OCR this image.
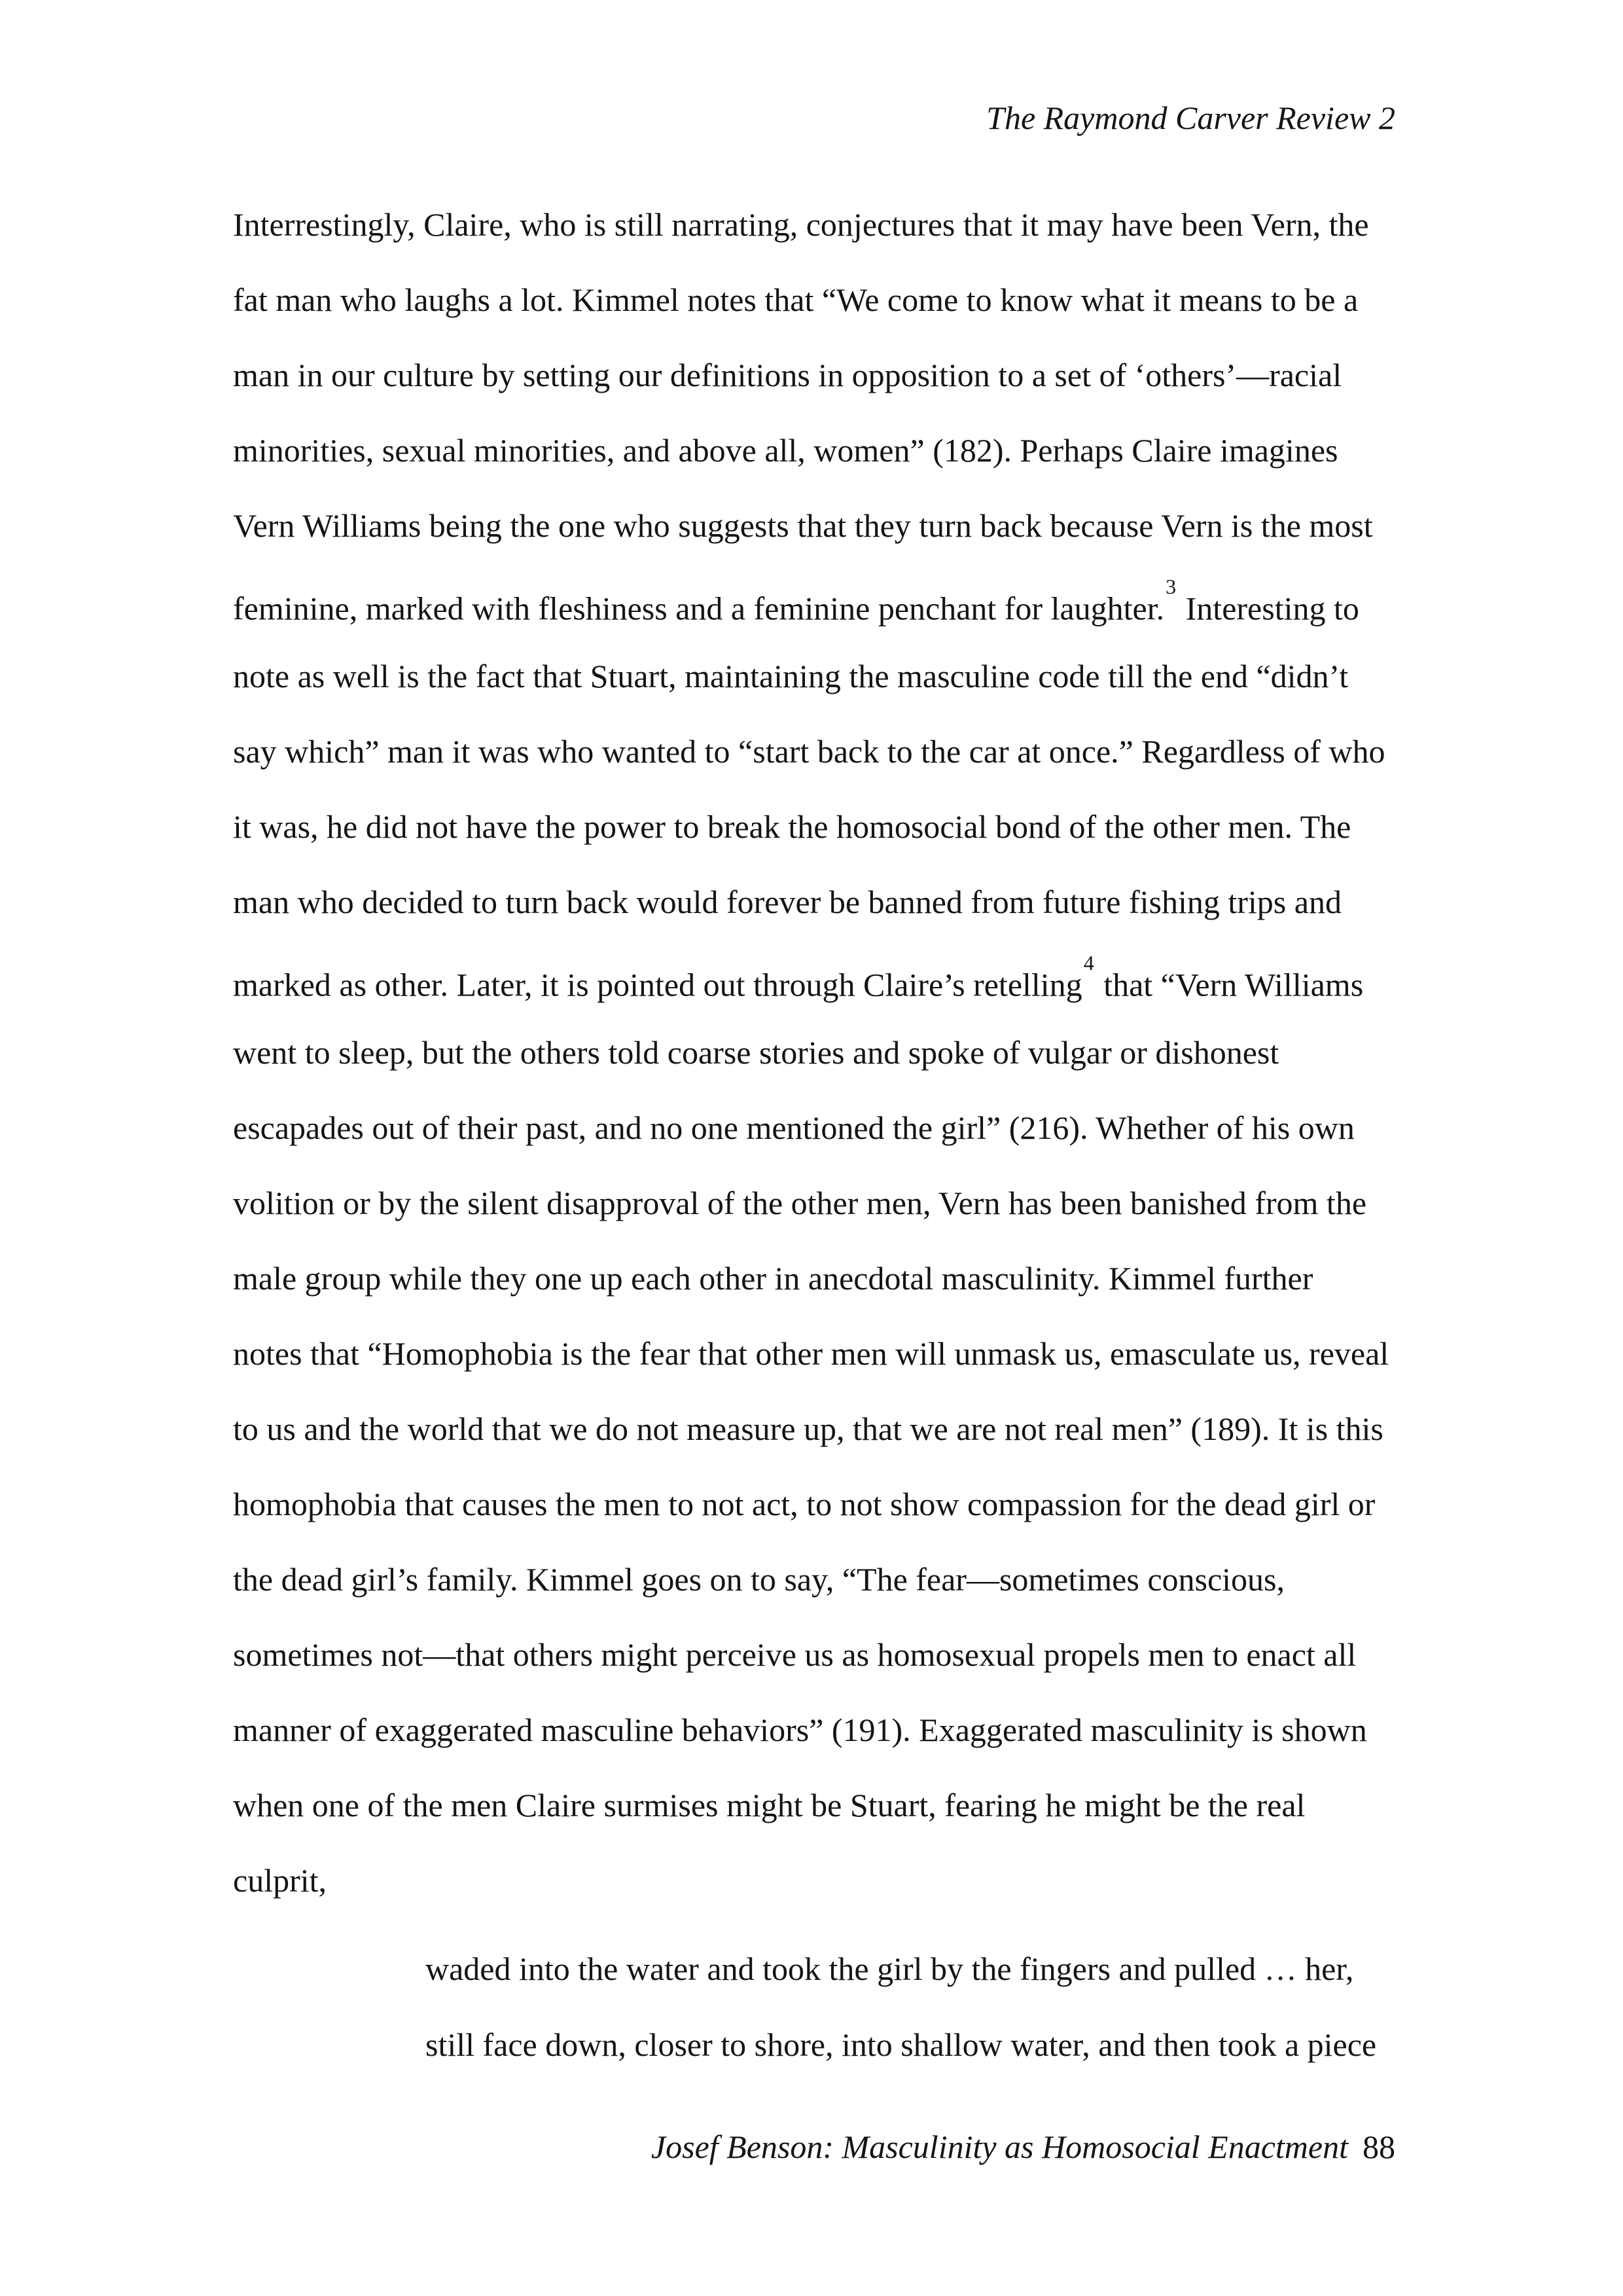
The Raymond Carver Review 2
Interrestingly, Claire, who is still narrating, conjectures that it may have been Vern, the
fat man who laughs a lot. Kimmel notes that “We come to know what it means to be a
man in our culture by setting our definitions in opposition to a set of ‘others’—racial
minorities, sexual minorities, and above all, women” (182). Perhaps Claire imagines
Vern Williams being the one who suggests that they turn back because Vern is the most
feminine, marked with fleshiness and a feminine penchant for laughter.$^3$ Interesting to
note as well is the fact that Stuart, maintaining the masculine code till the end “didn’t
say which” man it was who wanted to “start back to the car at once.” Regardless of who
it was, he did not have the power to break the homosocial bond of the other men. The
man who decided to turn back would forever be banned from future fishing trips and
marked as other. Later, it is pointed out through Claire’s retelling$^4$ that “Vern Williams
went to sleep, but the others told coarse stories and spoke of vulgar or dishonest
escapades out of their past, and no one mentioned the girl” (216). Whether of his own
volition or by the silent disapproval of the other men, Vern has been banished from the
male group while they one up each other in anecdotal masculinity. Kimmel further
notes that “Homophobia is the fear that other men will unmask us, emasculate us, reveal
to us and the world that we do not measure up, that we are not real men” (189). It is this
homophobia that causes the men to not act, to not show compassion for the dead girl or
the dead girl’s family. Kimmel goes on to say, “The fear—sometimes conscious,
sometimes not—that others might perceive us as homosexual propels men to enact all
manner of exaggerated masculine behaviors” (191). Exaggerated masculinity is shown
when one of the men Claire surmises might be Stuart, fearing he might be the real
culprit,
waded into the water and took the girl by the fingers and pulled … her,
still face down, closer to shore, into shallow water, and then took a piece
Josef Benson: Masculinity as Homosocial Enactment 88
